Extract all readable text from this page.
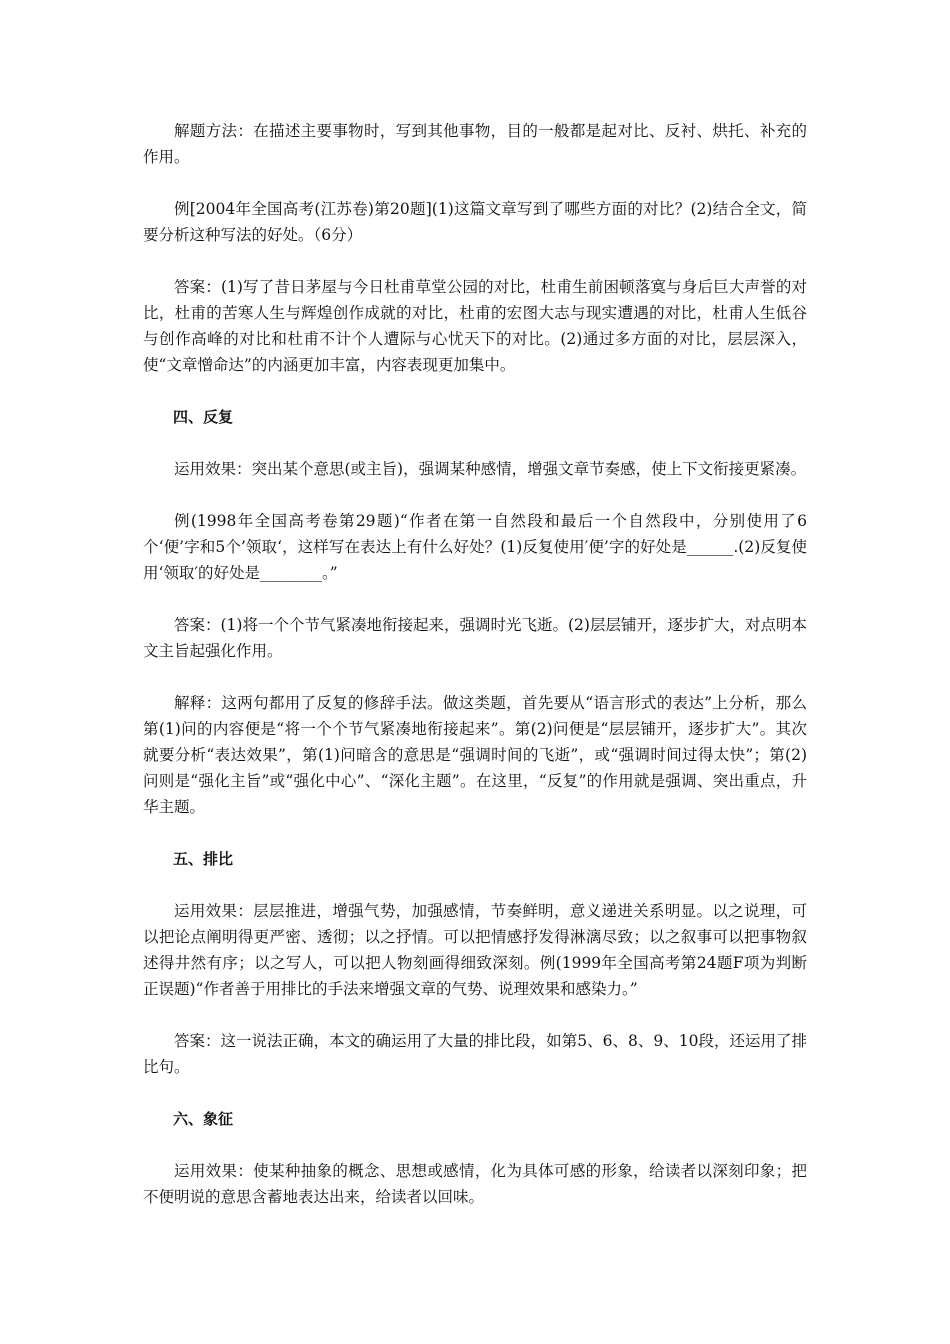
解题方法：在描述主要事物时，写到其他事物，目的一般都是起对比、反衬、烘托、补充的作用。

例[2004年全国高考(江苏卷)第20题](1)这篇文章写到了哪些方面的对比？(2)结合全文，简要分析这种写法的好处。（6分）

答案：(1)写了昔日茅屋与今日杜甫草堂公园的对比，杜甫生前困顿落寞与身后巨大声誉的对比，杜甫的苦寒人生与辉煌创作成就的对比，杜甫的宏图大志与现实遭遇的对比，杜甫人生低谷与创作高峰的对比和杜甫不计个人遭际与心忧天下的对比。(2)通过多方面的对比，层层深入，使“文章憎命达”的内涵更加丰富，内容表现更加集中。

四、反复

运用效果：突出某个意思(或主旨)，强调某种感情，增强文章节奏感，使上下文衔接更紧凑。

例(1998年全国高考卷第29题)“作者在第一自然段和最后一个自然段中，分别使用了6个‘便’字和5个’领取‘，这样写在表达上有什么好处？(1)反复使用′便’字的好处是______.(2)反复使用‘领取′的好处是________。”

答案：(1)将一个个节气紧凑地衔接起来，强调时光飞逝。(2)层层铺开，逐步扩大，对点明本文主旨起强化作用。

解释：这两句都用了反复的修辞手法。做这类题，首先要从“语言形式的表达”上分析，那么第(1)问的内容便是“将一个个节气紧凑地衔接起来”。第(2)问便是“层层铺开，逐步扩大”。其次就要分析“表达效果”，第(1)问暗含的意思是“强调时间的飞逝”，或“强调时间过得太快”；第(2)问则是“强化主旨”或“强化中心”、“深化主题”。在这里，“反复”的作用就是强调、突出重点，升华主题。

五、排比

运用效果：层层推进，增强气势，加强感情，节奏鲜明，意义递进关系明显。以之说理，可以把论点阐明得更严密、透彻；以之抒情。可以把情感抒发得淋漓尽致；以之叙事可以把事物叙述得井然有序；以之写人，可以把人物刻画得细致深刻。例(1999年全国高考第24题F项为判断正误题)“作者善于用排比的手法来增强文章的气势、说理效果和感染力。”

答案：这一说法正确，本文的确运用了大量的排比段，如第5、6、8、9、10段，还运用了排比句。

六、象征

运用效果：使某种抽象的概念、思想或感情，化为具体可感的形象，给读者以深刻印象；把不便明说的意思含蓄地表达出来，给读者以回味。
